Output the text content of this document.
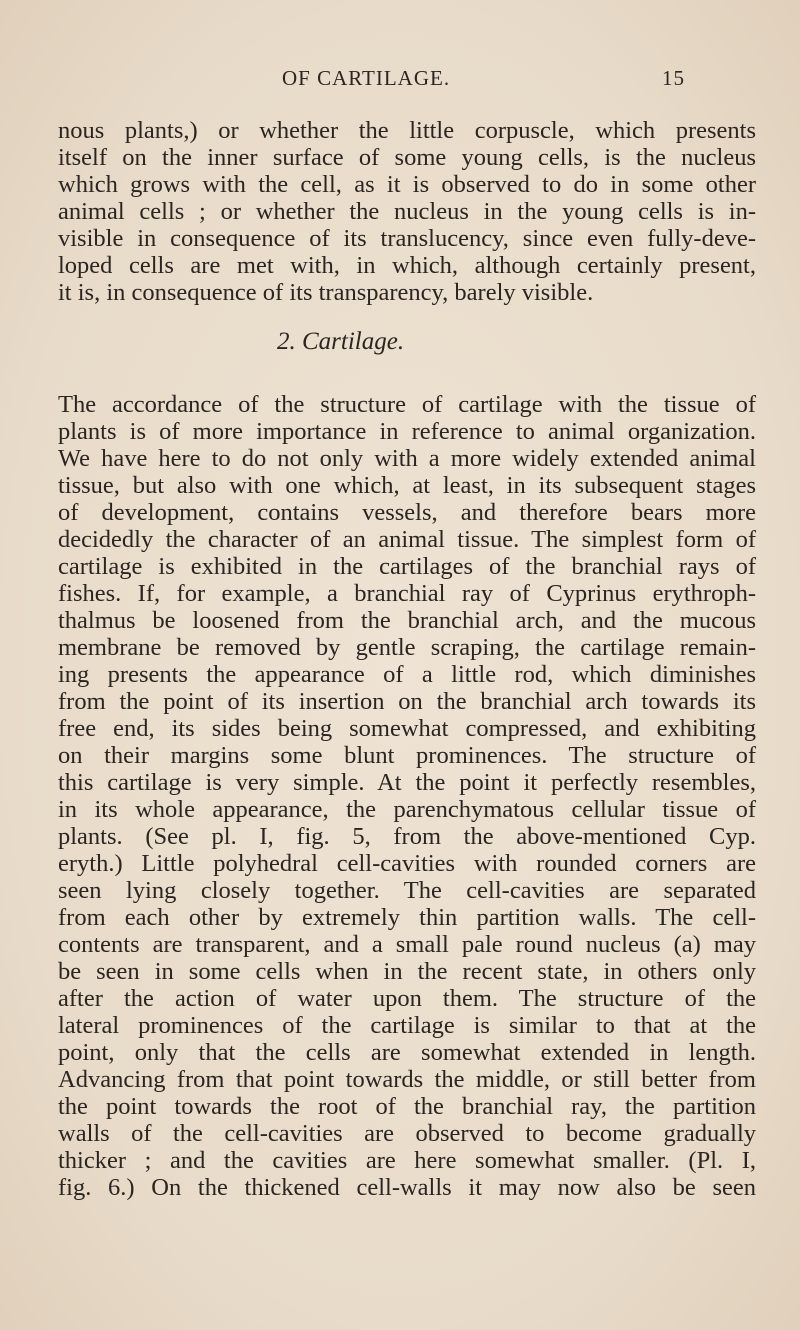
OF CARTILAGE.	15
nous plants,) or whether the little corpuscle, which presents
itself on the inner surface of some young cells, is the nucleus
which grows with the cell, as it is observed to do in some other
animal cells ; or whether the nucleus in the young cells is in-
visible in consequence of its translucency, since even fully-deve-
loped cells are met with, in which, although certainly present,
it is, in consequence of its transparency, barely visible.
2. Cartilage.
The accordance of the structure of cartilage with the tissue of
plants is of more importance in reference to animal organization.
We have here to do not only with a more widely extended animal
tissue, but also with one which, at least, in its subsequent stages
of development, contains vessels, and therefore bears more
decidedly the character of an animal tissue. The simplest form of
cartilage is exhibited in the cartilages of the branchial rays of
fishes. If, for example, a branchial ray of Cyprinus erythroph-
thalmus be loosened from the branchial arch, and the mucous
membrane be removed by gentle scraping, the cartilage remain-
ing presents the appearance of a little rod, which diminishes
from the point of its insertion on the branchial arch towards its
free end, its sides being somewhat compressed, and exhibiting
on their margins some blunt prominences. The structure of
this cartilage is very simple. At the point it perfectly resembles,
in its whole appearance, the parenchymatous cellular tissue of
plants. (See pl. I, fig. 5, from the above-mentioned Cyp.
eryth.) Little polyhedral cell-cavities with rounded corners are
seen lying closely together. The cell-cavities are separated
from each other by extremely thin partition walls. The cell-
contents are transparent, and a small pale round nucleus (a) may
be seen in some cells when in the recent state, in others only
after the action of water upon them. The structure of the
lateral prominences of the cartilage is similar to that at the
point, only that the cells are somewhat extended in length.
Advancing from that point towards the middle, or still better from
the point towards the root of the branchial ray, the partition
walls of the cell-cavities are observed to become gradually
thicker ; and the cavities are here somewhat smaller. (Pl. I,
fig. 6.) On the thickened cell-walls it may now also be seen
